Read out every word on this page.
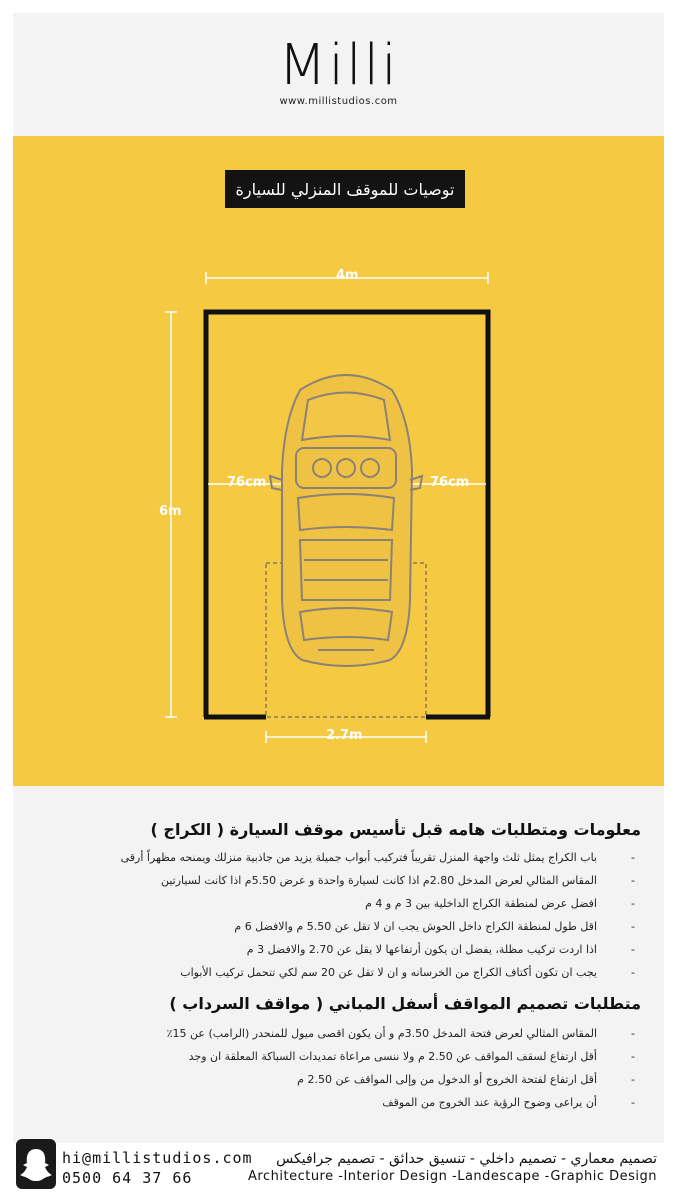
Milli
www.millistudios.com
توصيات للموقف المنزلي للسيارة
4m
6m
76cm	76cm
2.7m
معلومات ومتطلبات هامه قبل تأسيس موقف السيارة ( الكراج )
-
باب الكراج يمثل ثلث واجهة المنزل تقريباً فتركيب أبواب جميلة يزيد من جاذبية منزلك ويمنحه مظهراً أرقى
-
المقاس المثالي لعرض المدخل 2.80م اذا كانت لسيارة واحدة و عرض 5.50م اذا كانت لسيارتين
-
افضل عرض لمنطقة الكراج الداخلية بين 3 م و 4 م
-
اقل طول لمنطقة الكراج داخل الحوش يجب ان لا تقل عن 5.50 م والافضل 6 م
-
اذا اردت تركيب مظلة، يفضل ان يكون أرتفاعها لا يقل عن 2.70 والافضل 3 م
-
يجب ان تكون أكتاف الكراج من الخرسانه و ان لا تقل عن 20 سم لكي تتحمل تركيب الأبواب
متطلبات تصميم المواقف أسفل المباني ( مواقف السرداب )
-
المقاس المثالي لعرض فتحة المدخل 3.50م و أن يكون اقصى ميول للمنحدر (الرامب) عن 15٪
-
أقل ارتفاع لسقف المواقف عن 2.50 م ولا ننسى مراعاة تمديدات السباكة المعلقة ان وجد
-
أقل ارتفاع لفتحة الخروج أو الدخول من وإلى المواقف عن 2.50 م
-
أن يراعى وضوح الرؤية عند الخروج من الموقف
hi@millistudios.com
0500 64 37 66
تصميم معماري - تصميم داخلي - تنسيق حدائق - تصميم جرافيكس
Architecture -Interior Design -Landescape -Graphic Design
